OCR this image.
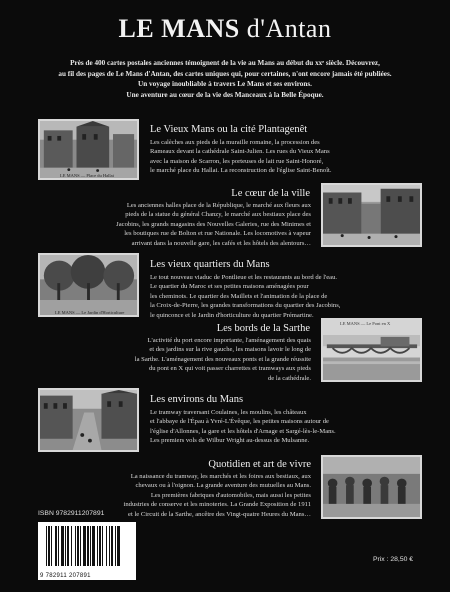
LE MANS d'Antan

Près de 400 cartes postales anciennes témoignent de la vie au Mans au début du xxᵉ siècle. Découvrez,

au fil des pages de Le Mans d'Antan, des cartes uniques qui, pour certaines, n'ont encore jamais été publiées.

Un voyage inoubliable à travers Le Mans et ses environs.

Une aventure au cœur de la vie des Manceaux à la Belle Époque.

LE MANS — Place du Hallai
Le Vieux Mans ou la cité Plantagenêt
Les calèches aux pieds de la muraille romaine, la procession des
Rameaux devant la cathédrale Saint-Julien. Les rues du Vieux Mans
avec la maison de Scarron, les porteuses de lait rue Saint-Honoré,
le marché place du Hallai. La reconstruction de l'église Saint-Benoît.
Le cœur de la ville
Les anciennes halles place de la République, le marché aux fleurs aux
pieds de la statue du général Chanzy, le marché aux bestiaux place des
Jacobins, les grands magasins des Nouvelles Galeries, rue des Minimes et
les boutiques rue de Bolton et rue Nationale. Les locomotives à vapeur
arrivant dans la nouvelle gare, les cafés et les hôtels des alentours…
LE MANS — Le Jardin d'Horticulture
Les vieux quartiers du Mans
Le tout nouveau viaduc de Pontlieue et les restaurants au bord de l'eau.
Le quartier du Maroc et ses petites maisons aménagées pour
les cheminots. Le quartier des Maillets et l'animation de la place de
la Croix-de-Pierre, les grandes transformations du quartier des Jacobins,
le quinconce et le Jardin d'horticulture du quartier Prémartine.
Les bords de la Sarthe
L'activité du port encore importante, l'aménagement des quais
et des jardins sur la rive gauche, les maisons lavoir le long de
la Sarthe. L'aménagement des nouveaux ponts et la grande réussite
du pont en X qui voit passer charrettes et tramways aux pieds
de la cathédrale.
LE MANS — Le Pont en X
Les environs du Mans
Le tramway traversant Coulaines, les moulins, les châteaux
et l'abbaye de l'Épau à Yvré-L'Évêque, les petites maisons autour de
l'église d'Allonnes, la gare et les hôtels d'Arnage et Sargé-lès-le-Mans.
Les premiers vols de Wilbur Wright au-dessus de Mulsanne.
Quotidien et art de vivre
La naissance du tramway, les marchés et les foires aux bestiaux, aux
chevaux ou à l'oignon. La grande aventure des mutuelles au Mans.
Les premières fabriques d'automobiles, mais aussi les petites
industries de conserve et les minoteries. La Grande Exposition de 1911
et le Circuit de la Sarthe, ancêtre des Vingt-quatre Heures du Mans…
ISBN 9782911207891
9 782911 207891
Prix : 28,50 €
